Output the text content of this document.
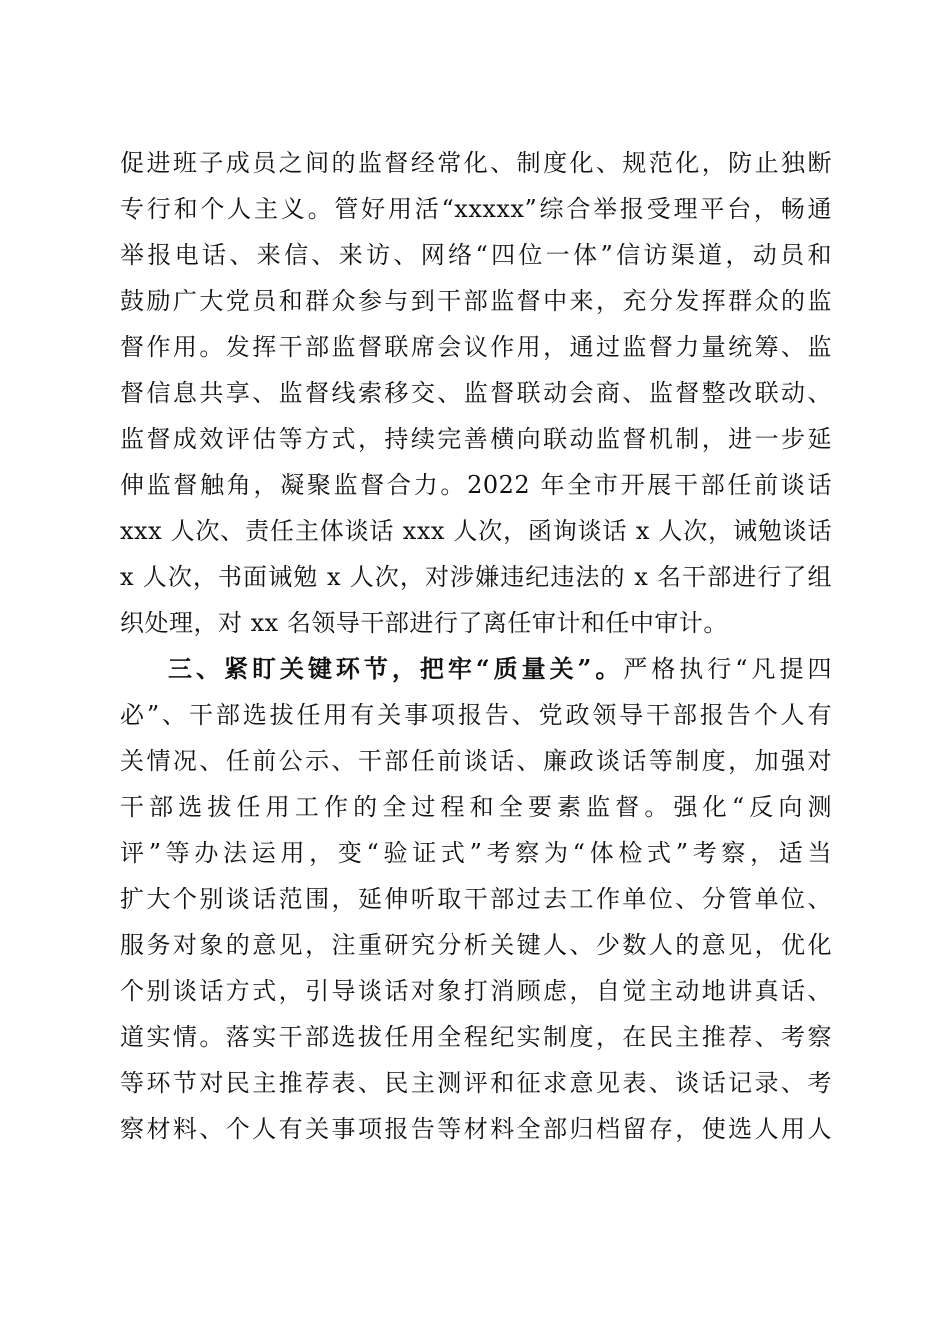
促进班子成员之间的监督经常化、制度化、规范化，防止独断
专行和个人主义。管好用活“xxxxx”综合举报受理平台，畅通
举报电话、来信、来访、网络“四位一体”信访渠道，动员和
鼓励广大党员和群众参与到干部监督中来，充分发挥群众的监
督作用。发挥干部监督联席会议作用，通过监督力量统筹、监
督信息共享、监督线索移交、监督联动会商、监督整改联动、
监督成效评估等方式，持续完善横向联动监督机制，进一步延
伸监督触角，凝聚监督合力。2022 年全市开展干部任前谈话
xxx 人次、责任主体谈话 xxx 人次，函询谈话 x 人次，诫勉谈话
x 人次，书面诫勉 x 人次，对涉嫌违纪违法的 x 名干部进行了组
织处理，对 xx 名领导干部进行了离任审计和任中审计。
三、紧盯关键环节，把牢“质量关”。严格执行“凡提四
必”、干部选拔任用有关事项报告、党政领导干部报告个人有
关情况、任前公示、干部任前谈话、廉政谈话等制度，加强对
干部选拔任用工作的全过程和全要素监督。强化“反向测
评”等办法运用，变“验证式”考察为“体检式”考察，适当
扩大个别谈话范围，延伸听取干部过去工作单位、分管单位、
服务对象的意见，注重研究分析关键人、少数人的意见，优化
个别谈话方式，引导谈话对象打消顾虑，自觉主动地讲真话、
道实情。落实干部选拔任用全程纪实制度，在民主推荐、考察
等环节对民主推荐表、民主测评和征求意见表、谈话记录、考
察材料、个人有关事项报告等材料全部归档留存，使选人用人
